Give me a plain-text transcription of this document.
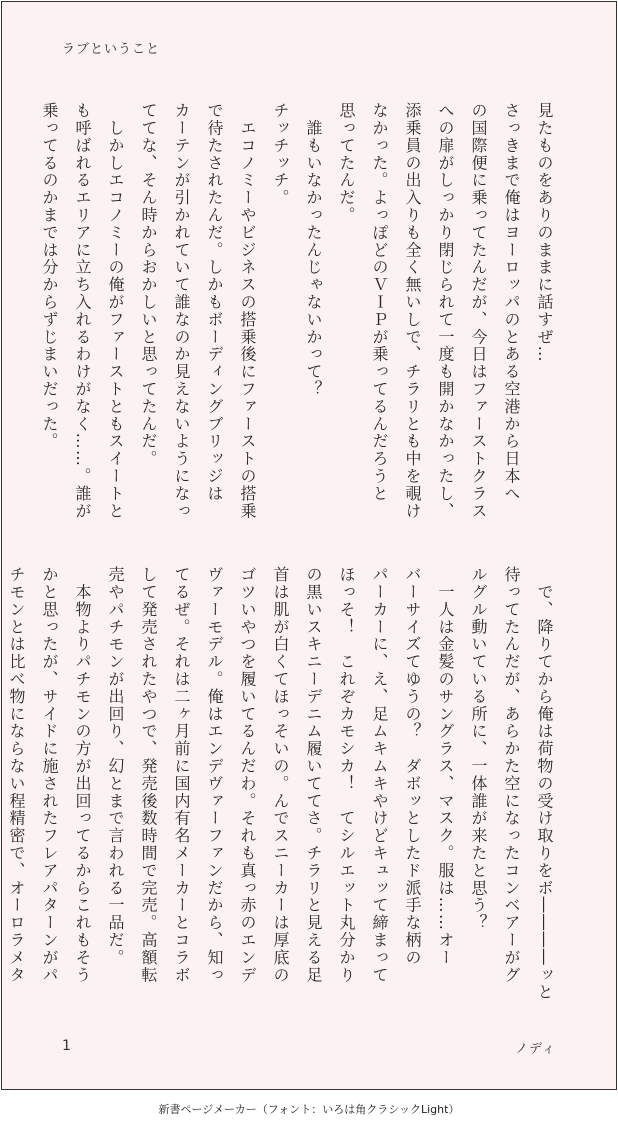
ラブということ
見たものをありのままに話すぜ…
さっきまで俺はヨーロッパのとある空港から日本へ
の国際便に乗ってたんだが、今日はファーストクラス
への扉がしっかり閉じられて一度も開かなかったし、
添乗員の出入りも全く無いしで、チラリとも中を覗け
なかった。よっぽどのＶＩＰが乗ってるんだろうと
思ってたんだ。
　誰もいなかったんじゃないかって？
チッチッチ。
　エコノミーやビジネスの搭乗後にファーストの搭乗
で待たされたんだ。しかもボーディングブリッジは
カーテンが引かれていて誰なのか見えないようになっ
ててな、そん時からおかしいと思ってたんだ。
　しかしエコノミーの俺がファーストともスイートと
も呼ばれるエリアに立ち入れるわけがなく……。誰が
乗ってるのかまでは分からずじまいだった。
　で、降りてから俺は荷物の受け取りをボ――――ッと
待ってたんだが、あらかた空になったコンベアーがグ
ルグル動いている所に、一体誰が来たと思う？
　一人は金髪のサングラス、マスク。服は……オー
バーサイズてゆうの？　ダボッとしたド派手な柄の
パーカーに、え、足ムキムキやけどキュッて締まって
ほっそ！　これぞカモシカ！　てシルエット丸分かり
の黒いスキニーデニム履いててさ。チラリと見える足
首は肌が白くてほっそいの。んでスニーカーは厚底の
ゴツいやつを履いてるんだわ。それも真っ赤のエンデ
ヴァーモデル。俺はエンデヴァーファンだから、知っ
てるぜ。それは二ヶ月前に国内有名メーカーとコラボ
して発売されたやつで、発売後数時間で完売。高額転
売やパチモンが出回り、幻とまで言われる一品だ。
　本物よりパチモンの方が出回ってるからこれもそう
かと思ったが、サイドに施されたフレアパターンがパ
チモンとは比べ物にならない程精密で、オーロラメタ
1	ノディ
新書ページメーカー（フォント：いろは角クラシックLight）
